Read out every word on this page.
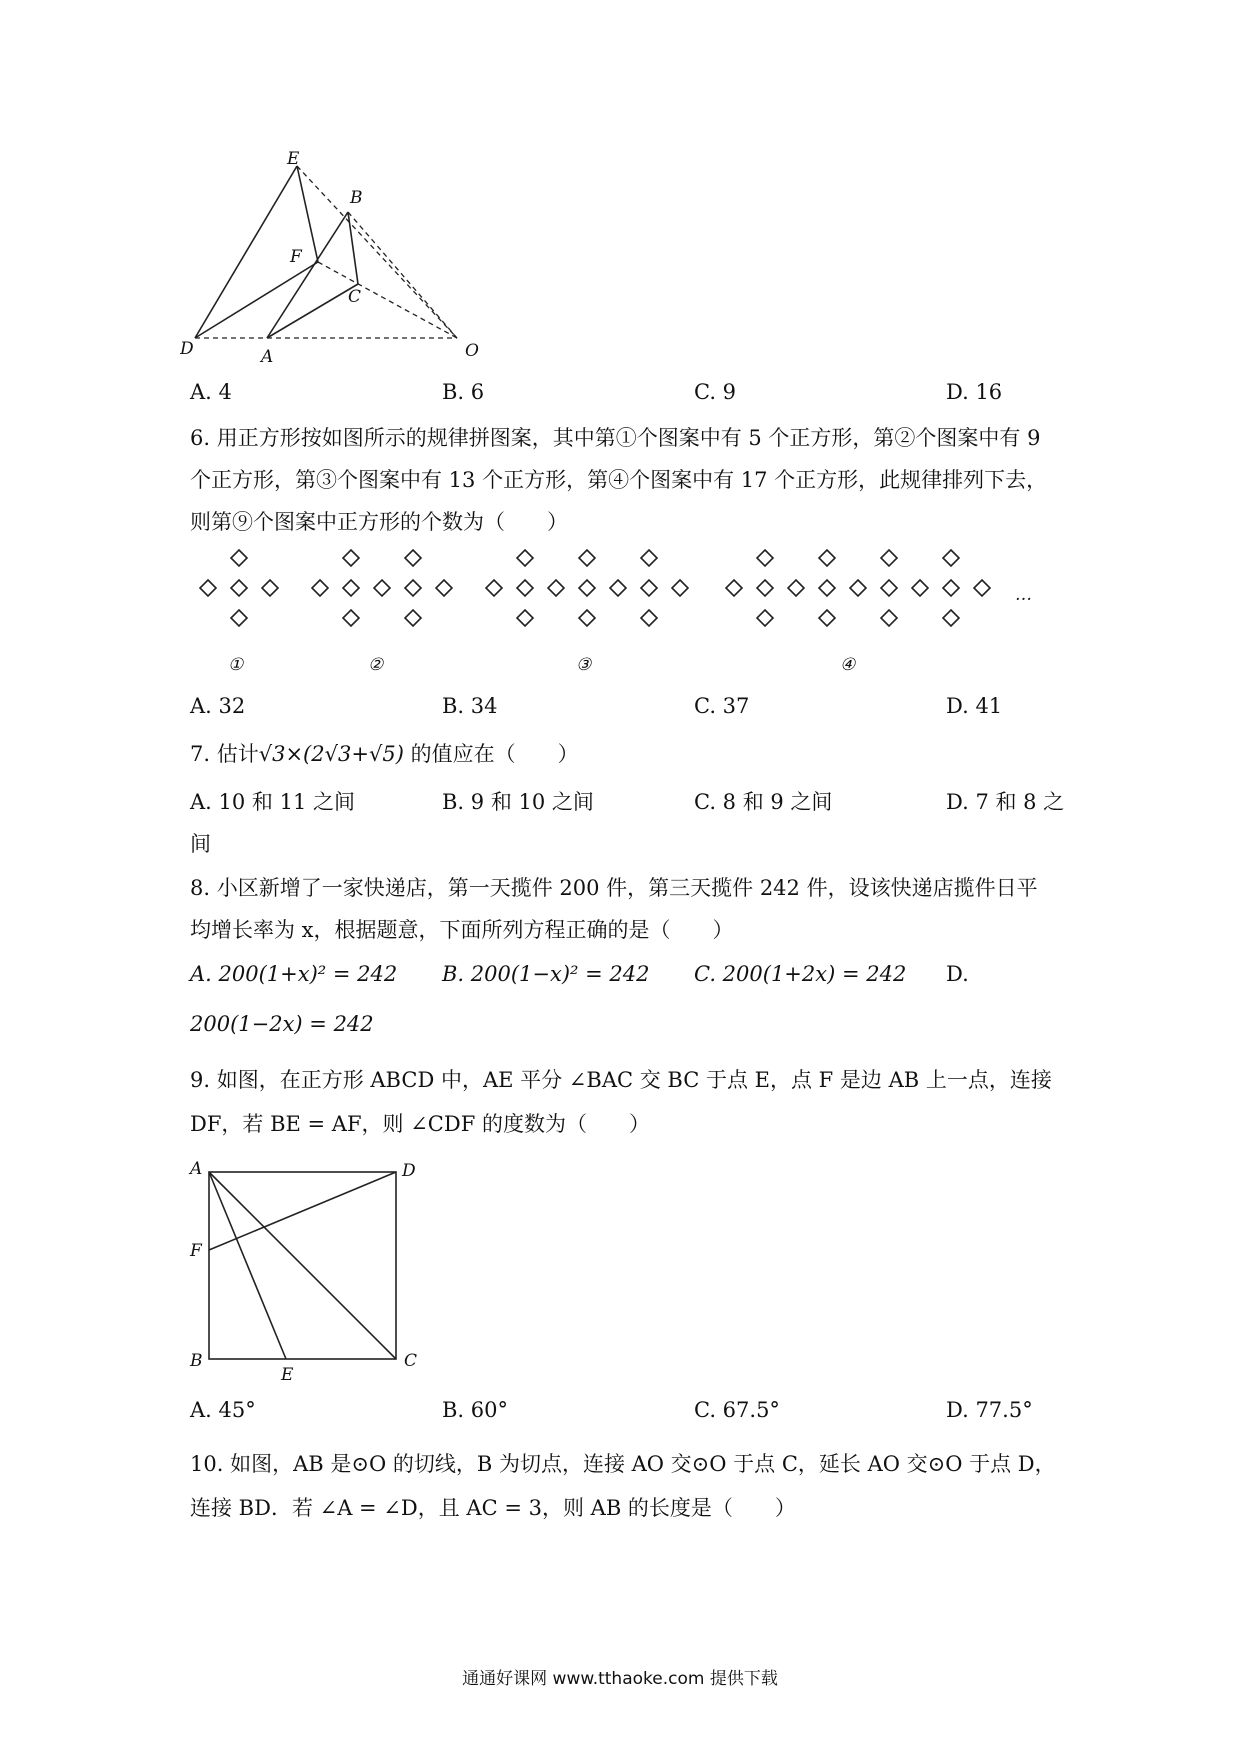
E
B
F
C
D	A	O
A. 4	B. 6	C. 9	D. 16
6. 用正方形按如图所示的规律拼图案，其中第①个图案中有 5 个正方形，第②个图案中有 9
个正方形，第③个图案中有 13 个正方形，第④个图案中有 17 个正方形，此规律排列下去，
则第⑨个图案中正方形的个数为（　　）
①	②	③	④
…
A. 32	B. 34	C. 37	D. 41
7. 估计√3×(2√3+√5) 的值应在（　　）
A. 10 和 11 之间	B. 9 和 10 之间	C. 8 和 9 之间	D. 7 和 8 之
间
8. 小区新增了一家快递店，第一天揽件 200 件，第三天揽件 242 件，设该快递店揽件日平
均增长率为 x，根据题意，下面所列方程正确的是（　　）
A. 200(1+x)² = 242 B. 200(1−x)² = 242 C. 200(1+2x) = 242 D.
200(1−2x) = 242
9. 如图，在正方形 ABCD 中，AE 平分 ∠BAC 交 BC 于点 E，点 F 是边 AB 上一点，连接
DF，若 BE = AF，则 ∠CDF 的度数为（　　）
A	D
F
B
E
C
A. 45°	B. 60°	C. 67.5°	D. 77.5°
10. 如图，AB 是⊙O 的切线，B 为切点，连接 AO 交⊙O 于点 C，延长 AO 交⊙O 于点 D，
连接 BD．若 ∠A = ∠D，且 AC = 3，则 AB 的长度是（　　）
通通好课网 www.tthaoke.com 提供下载
